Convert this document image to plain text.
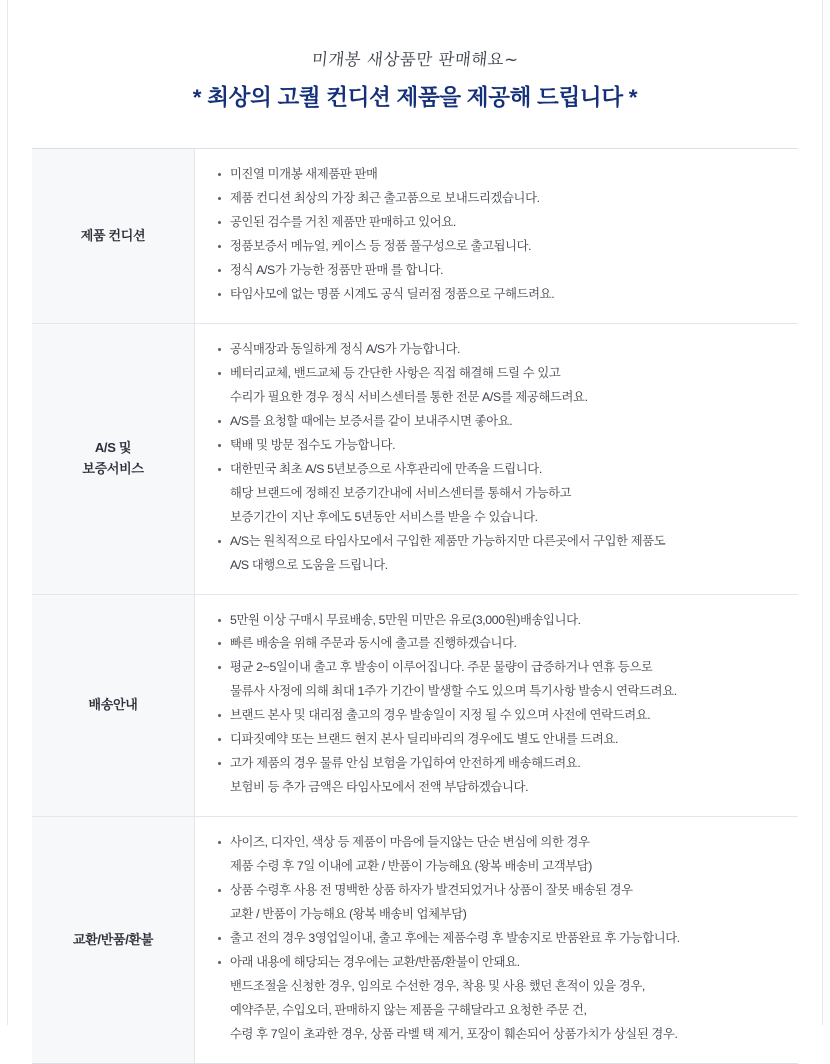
미개봉 새상품만 판매해요~
* 최상의 고퀄 컨디션 제품을 제공해 드립니다 *
제품 컨디션	
미진열 미개봉 새제품판 판매
제품 컨디션 최상의 가장 최근 출고품으로 보내드리겠습니다.
공인된 검수를 거친 제품만 판매하고 있어요.
정품보증서 메뉴얼, 케이스 등 정품 풀구성으로 출고됩니다.
정식 A/S가 가능한 정품만 판매 를 합니다.
타임사모에 없는 명품 시계도 공식 딜러점 정품으로 구해드려요.

A/S 및
보증서비스	
공식매장과 동일하게 정식 A/S가 가능합니다.
베터리교체, 밴드교체 등 간단한 사항은 직접 해결해 드릴 수 있고
수리가 필요한 경우 정식 서비스센터를 통한 전문 A/S를 제공해드려요.
A/S를 요청할 때에는 보증서를 같이 보내주시면 좋아요.
택배 및 방문 접수도 가능합니다.
대한민국 최초 A/S 5년보증으로 사후관리에 만족을 드립니다.
해당 브랜드에 정해진 보증기간내에 서비스센터를 통해서 가능하고
보증기간이 지난 후에도 5년동안 서비스를 받을 수 있습니다.
A/S는 원칙적으로 타임사모에서 구입한 제품만 가능하지만 다른곳에서 구입한 제품도
A/S 대행으로 도움을 드립니다.

배송안내	
5만원 이상 구매시 무료배송, 5만원 미만은 유로(3,000원)배송입니다.
빠른 배송을 위해 주문과 동시에 출고를 진행하겠습니다.
평균 2~5일이내 출고 후 발송이 이루어집니다. 주문 물량이 급증하거나 연휴 등으로
물류사 사정에 의해 최대 1주가 기간이 발생할 수도 있으며 특기사항 발송시 연락드려요.
브랜드 본사 및 대리점 출고의 경우 발송일이 지정 될 수 있으며 사전에 연락드려요.
디파짓예약 또는 브랜드 현지 본사 딜리바리의 경우에도 별도 안내를 드려요.
고가 제품의 경우 물류 안심 보험을 가입하여 안전하게 배송해드려요.
보험비 등 추가 금액은 타임사모에서 전액 부담하겠습니다.

교환/반품/환불	
사이즈, 디자인, 색상 등 제품이 마음에 들지않는 단순 변심에 의한 경우
제품 수령 후 7일 이내에 교환 / 반품이 가능해요 (왕복 배송비 고객부담)
상품 수령후 사용 전 명백한 상품 하자가 발견되었거나 상품이 잘못 배송된 경우
교환 / 반품이 가능해요 (왕복 배송비 업체부담)
출고 전의 경우 3영업일이내, 출고 후에는 제품수령 후 발송지로 반품완료 후 가능합니다.
아래 내용에 해당되는 경우에는 교환/반품/환불이 안돼요.
밴드조절을 신청한 경우, 임의로 수선한 경우, 착용 및 사용 했던 흔적이 있을 경우,
예약주문, 수입오더, 판매하지 않는 제품을 구해달라고 요청한 주문 건,
수령 후 7일이 초과한 경우, 상품 라벨 택 제거, 포장이 훼손되어 상품가치가 상실된 경우.
